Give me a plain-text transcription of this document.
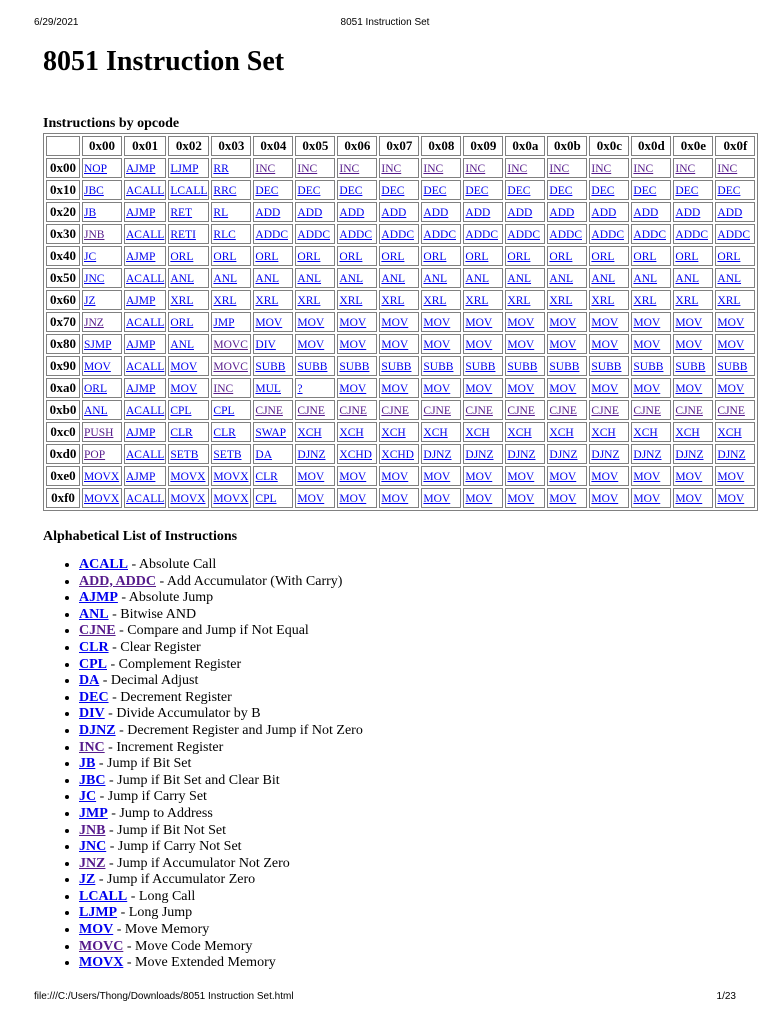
6/29/2021	8051 Instruction Set
8051 Instruction Set
Instructions by opcode
	0x00	0x01	0x02	0x03	0x04	0x05	0x06	0x07	0x08	0x09	0x0a	0x0b	0x0c	0x0d	0x0e	0x0f
0x00	NOP	AJMP	LJMP	RR	INC	INC	INC	INC	INC	INC	INC	INC	INC	INC	INC	INC
0x10	JBC	ACALL	LCALL	RRC	DEC	DEC	DEC	DEC	DEC	DEC	DEC	DEC	DEC	DEC	DEC	DEC
0x20	JB	AJMP	RET	RL	ADD	ADD	ADD	ADD	ADD	ADD	ADD	ADD	ADD	ADD	ADD	ADD
0x30	JNB	ACALL	RETI	RLC	ADDC	ADDC	ADDC	ADDC	ADDC	ADDC	ADDC	ADDC	ADDC	ADDC	ADDC	ADDC
0x40	JC	AJMP	ORL	ORL	ORL	ORL	ORL	ORL	ORL	ORL	ORL	ORL	ORL	ORL	ORL	ORL
0x50	JNC	ACALL	ANL	ANL	ANL	ANL	ANL	ANL	ANL	ANL	ANL	ANL	ANL	ANL	ANL	ANL
0x60	JZ	AJMP	XRL	XRL	XRL	XRL	XRL	XRL	XRL	XRL	XRL	XRL	XRL	XRL	XRL	XRL
0x70	JNZ	ACALL	ORL	JMP	MOV	MOV	MOV	MOV	MOV	MOV	MOV	MOV	MOV	MOV	MOV	MOV
0x80	SJMP	AJMP	ANL	MOVC	DIV	MOV	MOV	MOV	MOV	MOV	MOV	MOV	MOV	MOV	MOV	MOV
0x90	MOV	ACALL	MOV	MOVC	SUBB	SUBB	SUBB	SUBB	SUBB	SUBB	SUBB	SUBB	SUBB	SUBB	SUBB	SUBB
0xa0	ORL	AJMP	MOV	INC	MUL	?	MOV	MOV	MOV	MOV	MOV	MOV	MOV	MOV	MOV	MOV
0xb0	ANL	ACALL	CPL	CPL	CJNE	CJNE	CJNE	CJNE	CJNE	CJNE	CJNE	CJNE	CJNE	CJNE	CJNE	CJNE
0xc0	PUSH	AJMP	CLR	CLR	SWAP	XCH	XCH	XCH	XCH	XCH	XCH	XCH	XCH	XCH	XCH	XCH
0xd0	POP	ACALL	SETB	SETB	DA	DJNZ	XCHD	XCHD	DJNZ	DJNZ	DJNZ	DJNZ	DJNZ	DJNZ	DJNZ	DJNZ
0xe0	MOVX	AJMP	MOVX	MOVX	CLR	MOV	MOV	MOV	MOV	MOV	MOV	MOV	MOV	MOV	MOV	MOV
0xf0	MOVX	ACALL	MOVX	MOVX	CPL	MOV	MOV	MOV	MOV	MOV	MOV	MOV	MOV	MOV	MOV	MOV
Alphabetical List of Instructions
• ACALL - Absolute Call
• ADD, ADDC - Add Accumulator (With Carry)
• AJMP - Absolute Jump
• ANL - Bitwise AND
• CJNE - Compare and Jump if Not Equal
• CLR - Clear Register
• CPL - Complement Register
• DA - Decimal Adjust
• DEC - Decrement Register
• DIV - Divide Accumulator by B
• DJNZ - Decrement Register and Jump if Not Zero
• INC - Increment Register
• JB - Jump if Bit Set
• JBC - Jump if Bit Set and Clear Bit
• JC - Jump if Carry Set
• JMP - Jump to Address
• JNB - Jump if Bit Not Set
• JNC - Jump if Carry Not Set
• JNZ - Jump if Accumulator Not Zero
• JZ - Jump if Accumulator Zero
• LCALL - Long Call
• LJMP - Long Jump
• MOV - Move Memory
• MOVC - Move Code Memory
• MOVX - Move Extended Memory
file:///C:/Users/Thong/Downloads/8051 Instruction Set.html	1/23
